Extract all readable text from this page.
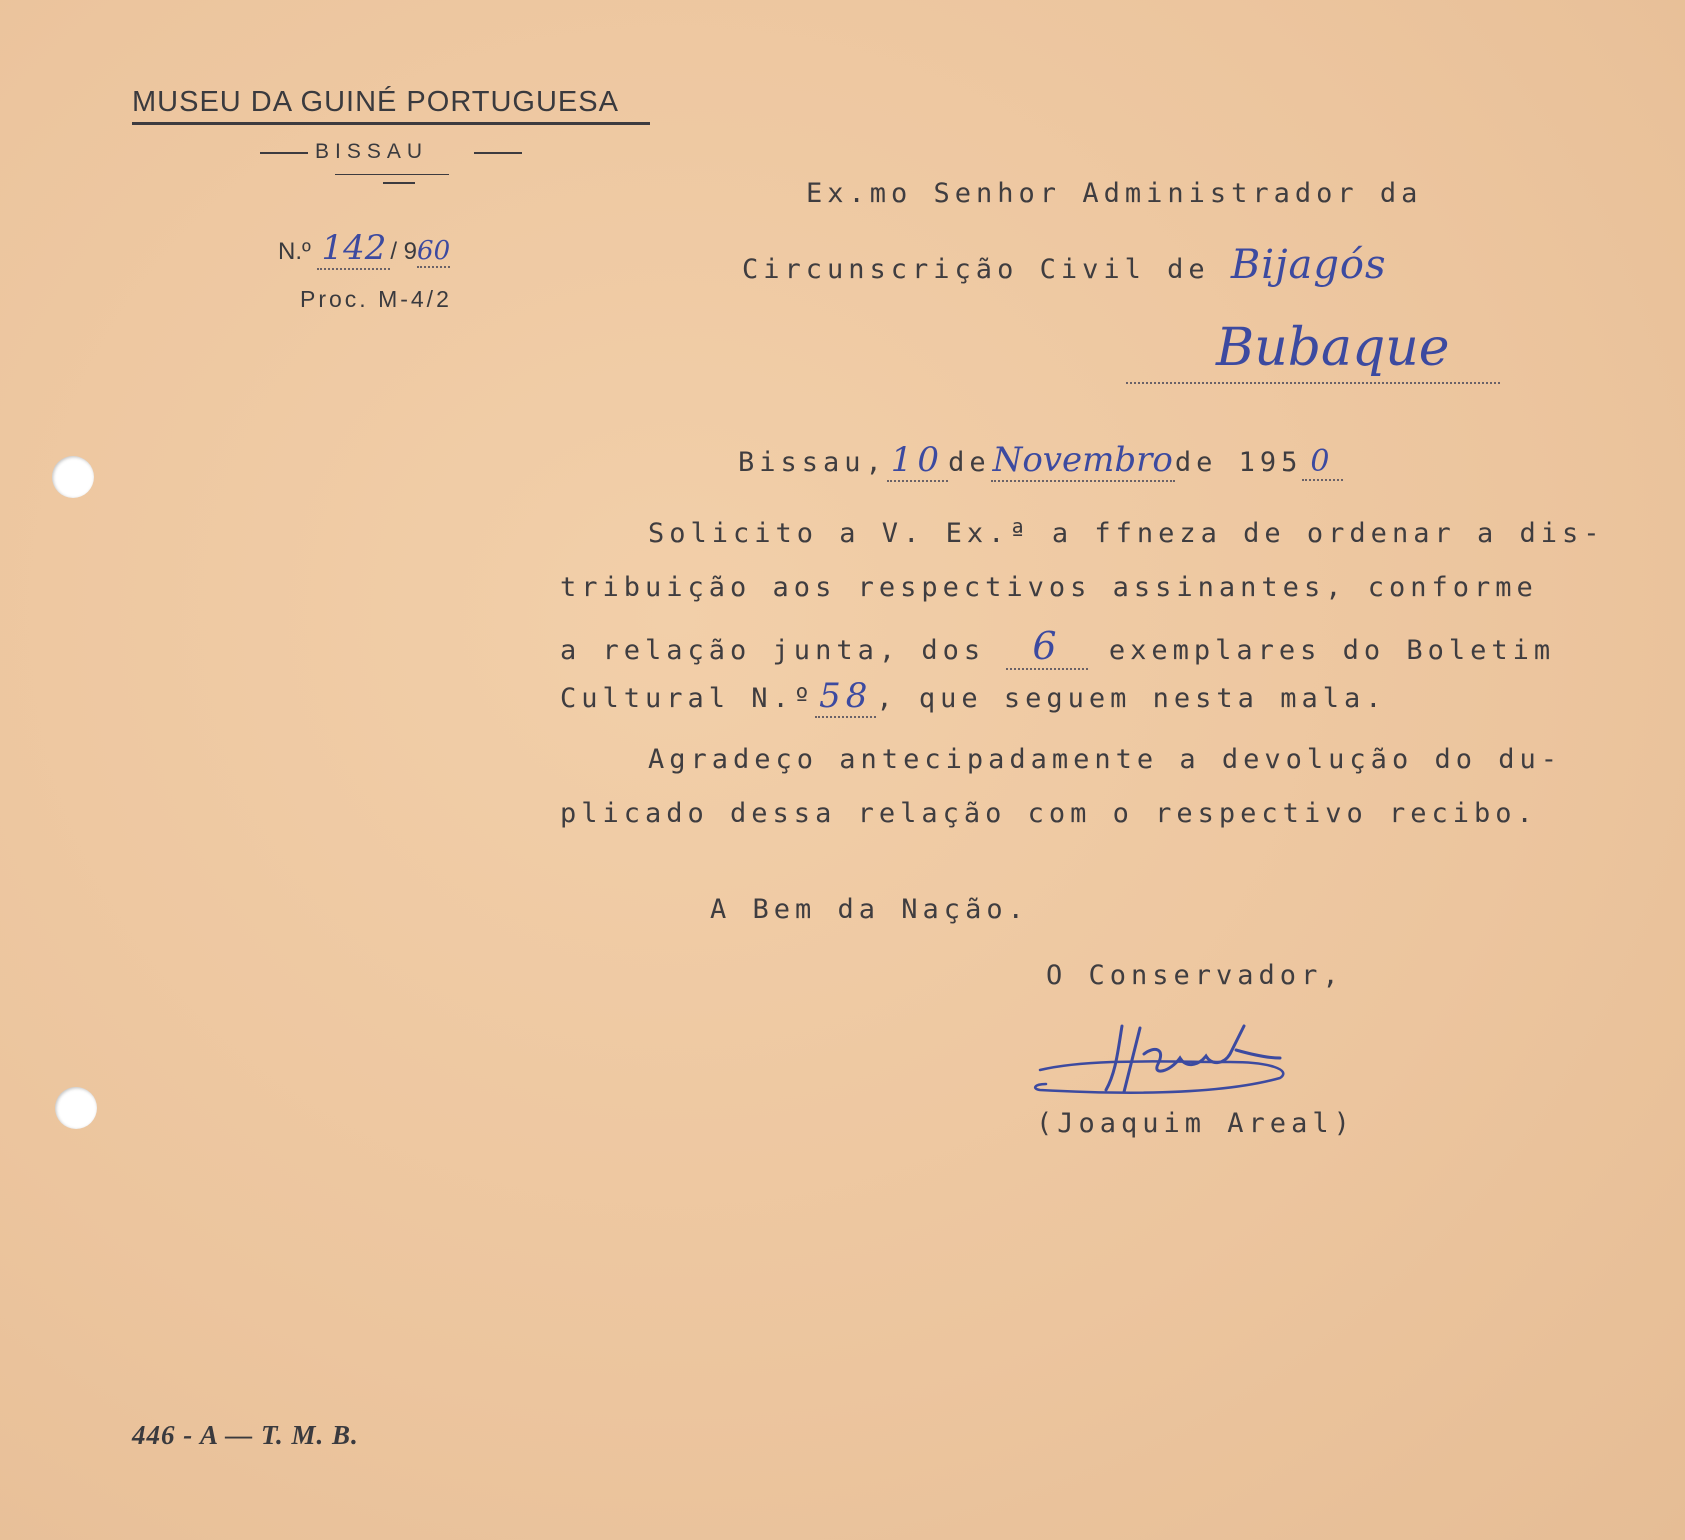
MUSEU DA GUINÉ PORTUGUESA
BISSAU
N.º 142 / 960
Proc. M-4/2
Ex.mo Senhor Administrador da
Circunscrição Civil de Bijagós
Bubaque
Bissau, 10 deNovembrode 195 0
Solicito a V. Ex.ª a ffneza de ordenar a dis-
tribuição aos respectivos assinantes, conforme
a relação junta, dos 6 exemplares do Boletim
Cultural N.º 58 , que seguem nesta mala.
Agradeço antecipadamente a devolução do du-
plicado dessa relação com o respectivo recibo.
A Bem da Nação.
O Conservador,
(Joaquim Areal)
446 - A — T. M. B.
